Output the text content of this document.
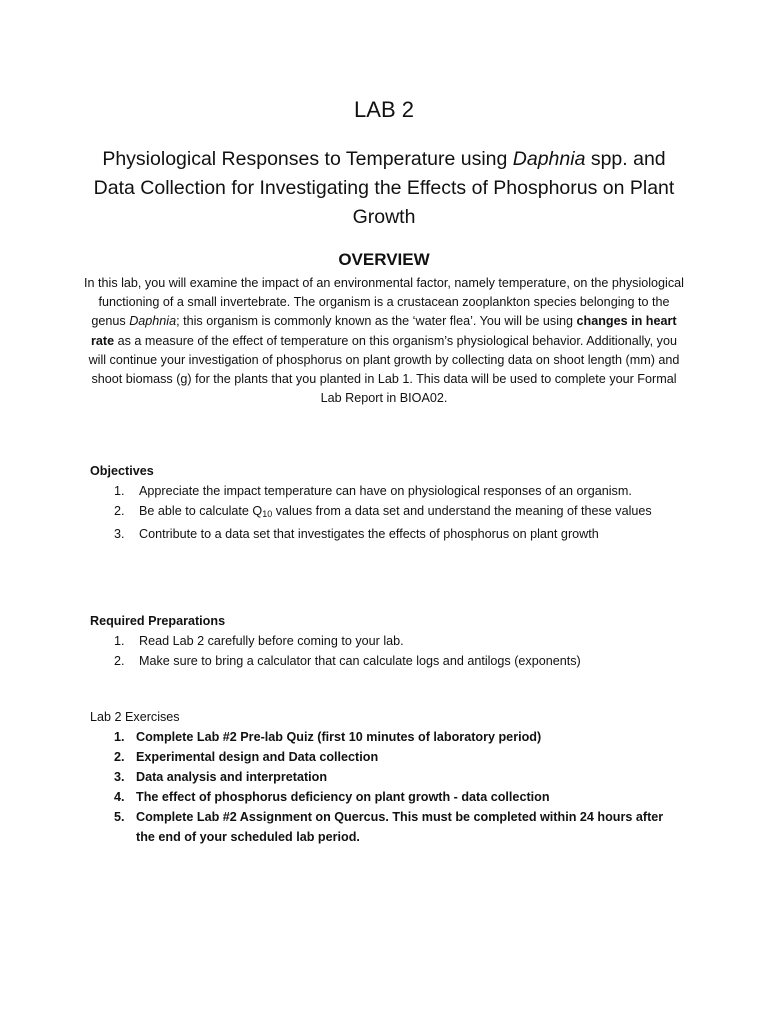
LAB 2
Physiological Responses to Temperature using Daphnia spp. and Data Collection for Investigating the Effects of Phosphorus on Plant Growth
OVERVIEW
In this lab, you will examine the impact of an environmental factor, namely temperature, on the physiological functioning of a small invertebrate. The organism is a crustacean zooplankton species belonging to the genus Daphnia; this organism is commonly known as the ‘water flea’. You will be using changes in heart rate as a measure of the effect of temperature on this organism’s physiological behavior. Additionally, you will continue your investigation of phosphorus on plant growth by collecting data on shoot length (mm) and shoot biomass (g) for the plants that you planted in Lab 1. This data will be used to complete your Formal Lab Report in BIOA02.
Objectives
1. Appreciate the impact temperature can have on physiological responses of an organism.
2. Be able to calculate $Q_{10}$ values from a data set and understand the meaning of these values
3. Contribute to a data set that investigates the effects of phosphorus on plant growth
Required Preparations
1. Read Lab 2 carefully before coming to your lab.
2. Make sure to bring a calculator that can calculate logs and antilogs (exponents)
Lab 2 Exercises
1. Complete Lab #2 Pre-lab Quiz (first 10 minutes of laboratory period)
2. Experimental design and Data collection
3. Data analysis and interpretation
4. The effect of phosphorus deficiency on plant growth - data collection
5. Complete Lab #2 Assignment on Quercus. This must be completed within 24 hours after the end of your scheduled lab period.
